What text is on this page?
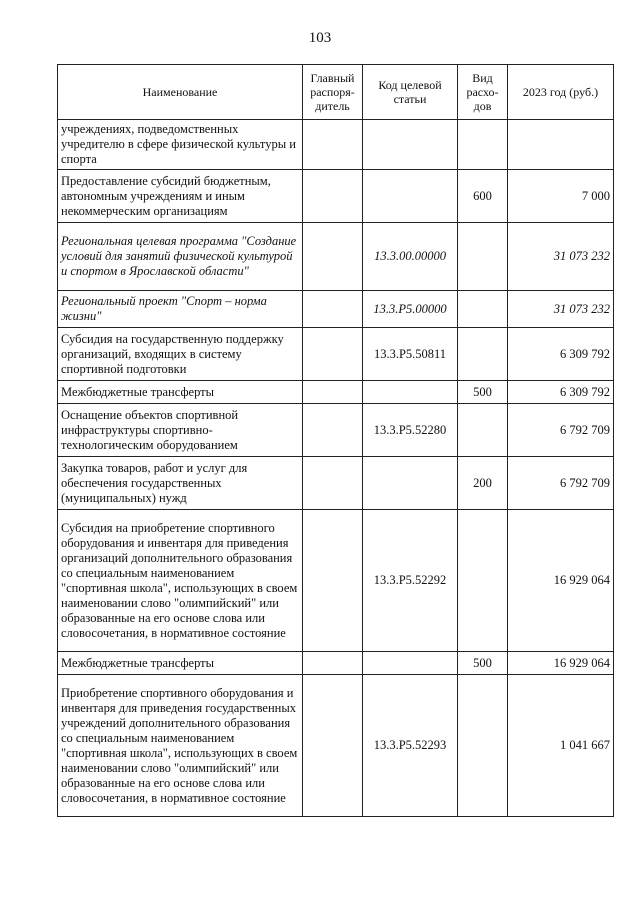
103
Наименование	Главный распоря-дитель	Код целевой статьи	Вид расхо-дов	2023 год (руб.)
учреждениях, подведомственных учредителю в сфере физической культуры и спорта				
Предоставление субсидий бюджетным, автономным учреждениям и иным некоммерческим организациям			600	7 000
Региональная целевая программа "Создание условий для занятий физической культурой и спортом в Ярославской области"		13.3.00.00000		31 073 232
Региональный проект "Спорт – норма жизни"		13.3.P5.00000		31 073 232
Субсидия на государственную поддержку организаций, входящих в систему спортивной подготовки		13.3.P5.50811		6 309 792
Межбюджетные трансферты			500	6 309 792
Оснащение объектов спортивной инфраструктуры спортивно-технологическим оборудованием		13.3.P5.52280		6 792 709
Закупка товаров, работ и услуг для обеспечения государственных (муниципальных) нужд			200	6 792 709
Субсидия на приобретение спортивного оборудования и инвентаря для приведения организаций дополнительного образования со специальным наименованием "спортивная школа", использующих в своем наименовании слово "олимпийский" или образованные на его основе слова или словосочетания, в нормативное состояние		13.3.P5.52292		16 929 064
Межбюджетные трансферты			500	16 929 064
Приобретение спортивного оборудования и инвентаря для приведения государственных учреждений дополнительного образования со специальным наименованием "спортивная школа", использующих в своем наименовании слово "олимпийский" или образованные на его основе слова или словосочетания, в нормативное состояние		13.3.P5.52293		1 041 667
